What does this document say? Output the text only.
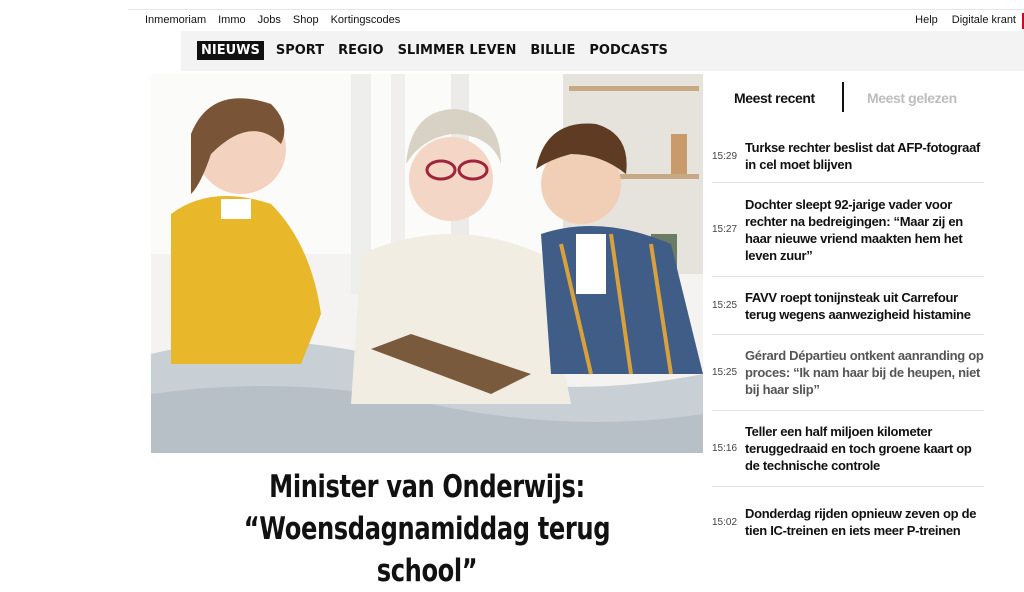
Inmemoriam Immo Jobs Shop Kortingscodes	Help Digitale krant
NIEUWS	SPORT REGIO SLIMMER LEVEN BILLIE PODCASTS
Minister van Onderwijs:
“Woensdagnamiddag terug school”
Meest recent	Meest gelezen
15:29
Turkse rechter beslist dat AFP-fotograaf in cel moet blijven
15:27
Dochter sleept 92-jarige vader voor rechter na bedreigingen: “Maar zij en haar nieuwe vriend maakten hem het leven zuur”
15:25
FAVV roept tonijnsteak uit Carrefour terug wegens aanwezigheid histamine
15:25
Gérard Départieu ontkent aanranding op proces: “Ik nam haar bij de heupen, niet bij haar slip”
15:16
Teller een half miljoen kilometer teruggedraaid en toch groene kaart op de technische controle
15:02
Donderdag rijden opnieuw zeven op de tien IC-treinen en iets meer P-treinen
